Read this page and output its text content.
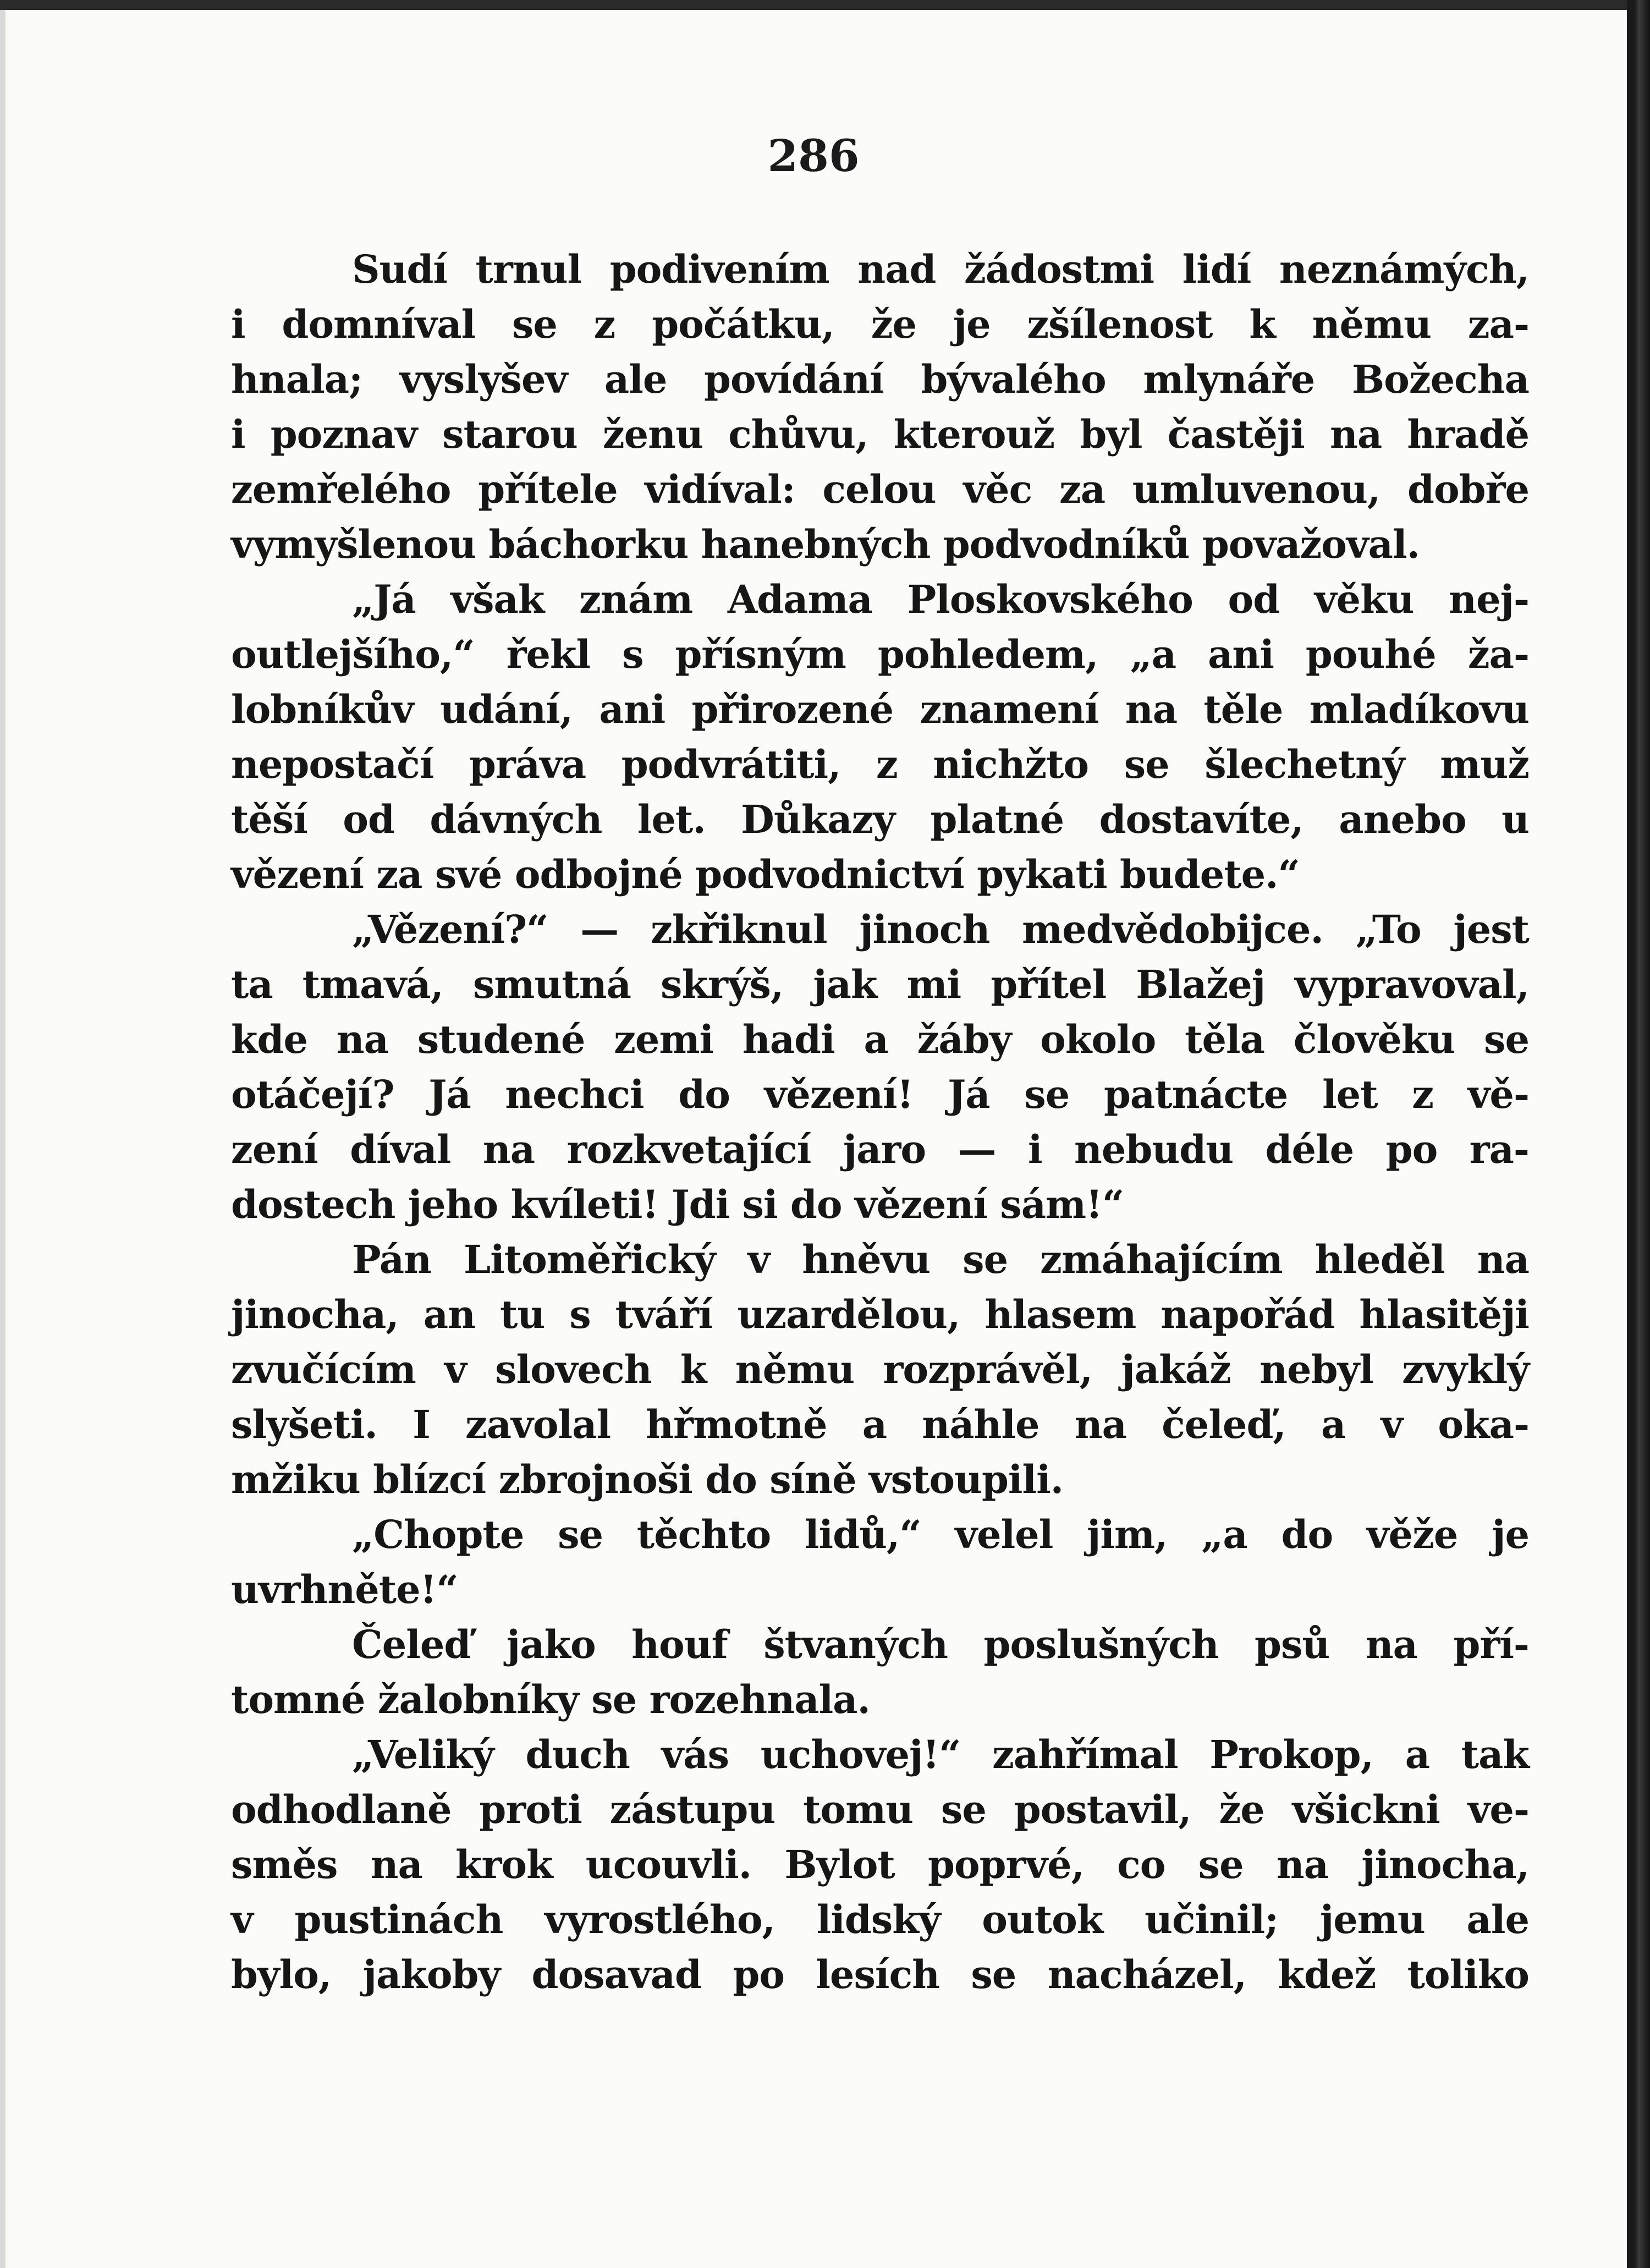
286
Sudí trnul podivením nad žádostmi lidí neznámých,
i domníval se z počátku, že je zšílenost k němu za-
hnala; vyslyšev ale povídání bývalého mlynáře Božecha
i poznav starou ženu chůvu, kterouž byl častěji na hradě
zemřelého přítele vidíval: celou věc za umluvenou, dobře
vymyšlenou báchorku hanebných podvodníků považoval.
„Já však znám Adama Ploskovského od věku nej-
outlejšího,“ řekl s přísným pohledem, „a ani pouhé ža-
lobníkův udání, ani přirozené znamení na těle mladíkovu
nepostačí práva podvrátiti, z nichžto se šlechetný muž
těší od dávných let. Důkazy platné dostavíte, anebo u
vězení za své odbojné podvodnictví pykati budete.“
„Vězení?“ — zkřiknul jinoch medvědobijce. „To jest
ta tmavá, smutná skrýš, jak mi přítel Blažej vypravoval,
kde na studené zemi hadi a žáby okolo těla člověku se
otáčejí? Já nechci do vězení! Já se patnácte let z vě-
zení díval na rozkvetající jaro — i nebudu déle po ra-
dostech jeho kvíleti! Jdi si do vězení sám!“
Pán Litoměřický v hněvu se zmáhajícím hleděl na
jinocha, an tu s tváří uzardělou, hlasem napořád hlasitěji
zvučícím v slovech k němu rozprávěl, jakáž nebyl zvyklý
slyšeti. I zavolal hřmotně a náhle na čeleď, a v oka-
mžiku blízcí zbrojnoši do síně vstoupili.
„Chopte se těchto lidů,“ velel jim, „a do věže je
uvrhněte!“
Čeleď jako houf štvaných poslušných psů na pří-
tomné žalobníky se rozehnala.
„Veliký duch vás uchovej!“ zahřímal Prokop, a tak
odhodlaně proti zástupu tomu se postavil, že všickni ve-
směs na krok ucouvli. Bylot poprvé, co se na jinocha,
v pustinách vyrostlého, lidský outok učinil; jemu ale
bylo, jakoby dosavad po lesích se nacházel, kdež toliko
